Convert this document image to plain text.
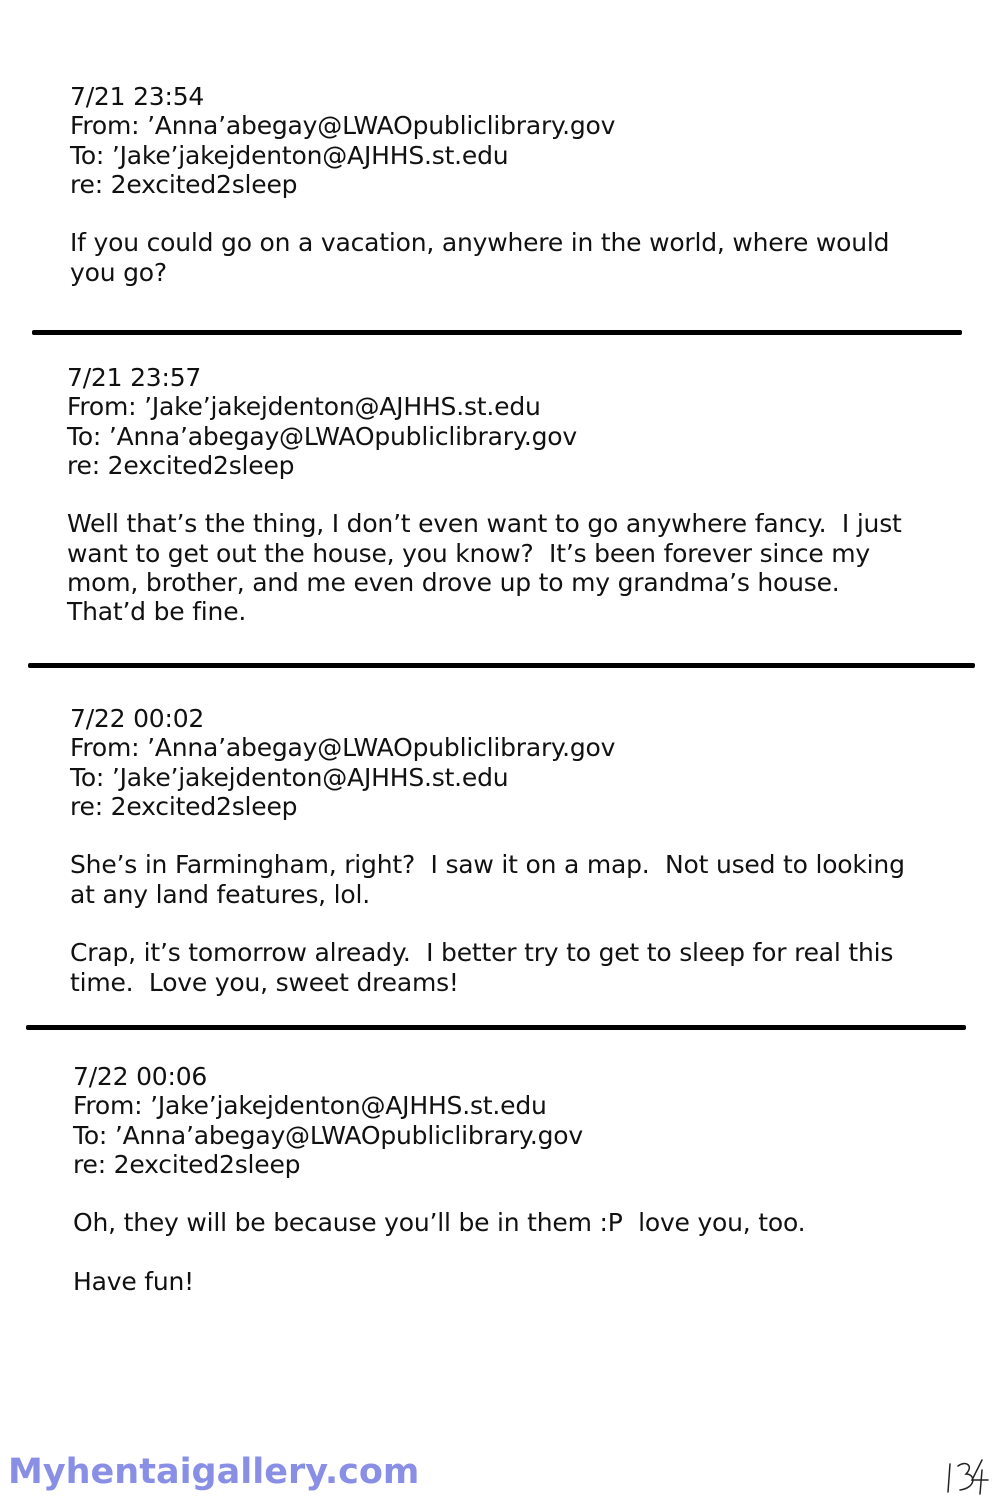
7/21 23:54
From: ’Anna’abegay@LWAOpubliclibrary.gov
To: ’Jake’jakejdenton@AJHHS.st.edu
re: 2excited2sleep
If you could go on a vacation, anywhere in the world, where would
you go?
7/21 23:57
From: ’Jake’jakejdenton@AJHHS.st.edu
To: ’Anna’abegay@LWAOpubliclibrary.gov
re: 2excited2sleep
Well that’s the thing, I don’t even want to go anywhere fancy.  I just
want to get out the house, you know?  It’s been forever since my
mom, brother, and me even drove up to my grandma’s house.
That’d be fine.
7/22 00:02
From: ’Anna’abegay@LWAOpubliclibrary.gov
To: ’Jake’jakejdenton@AJHHS.st.edu
re: 2excited2sleep
She’s in Farmingham, right?  I saw it on a map.  Not used to looking
at any land features, lol.
Crap, it’s tomorrow already.  I better try to get to sleep for real this
time.  Love you, sweet dreams!
7/22 00:06
From: ’Jake’jakejdenton@AJHHS.st.edu
To: ’Anna’abegay@LWAOpubliclibrary.gov
re: 2excited2sleep
Oh, they will be because you’ll be in them :P  love you, too.
Have fun!
Myhentaigallery.com
